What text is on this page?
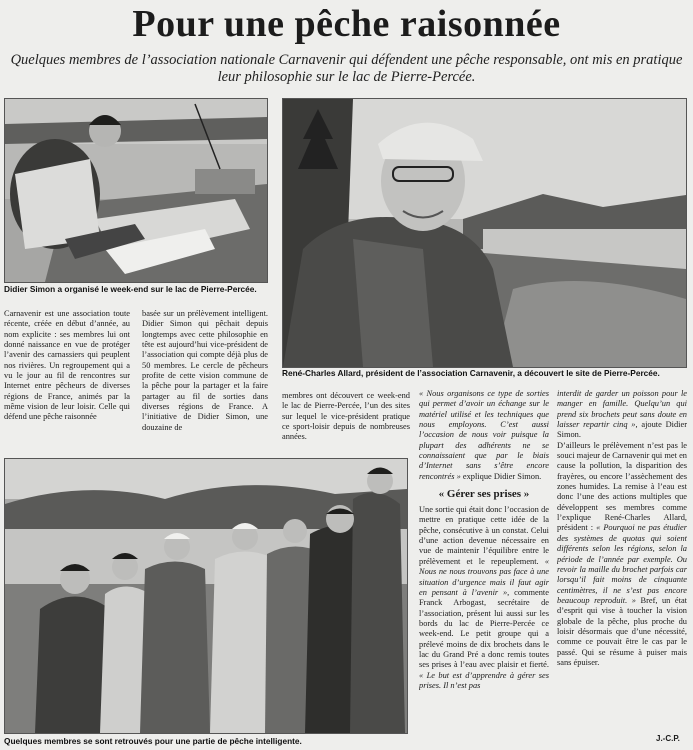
Pour une pêche raisonnée
Quelques membres de l’association nationale Carnavenir qui défendent une pêche responsable, ont mis en pratique leur philosophie sur le lac de Pierre-Percée.
Didier Simon a organisé le week-end sur le lac de Pierre-Percée.
René-Charles Allard, président de l’association Carnavenir, a découvert le site de Pierre-Percée.

Carnavenir est une association toute récente, créée en début d’année, au nom explicite : ses membres lui ont donné naissance en vue de protéger l’avenir des carnassiers qui peuplent nos rivières. Un regroupement qui a vu le jour au fil de rencontres sur Internet entre pêcheurs de diverses régions de France, animés par la même vision de leur loisir. Celle qui défend une pêche raisonnée

basée sur un prélèvement intelligent. Didier Simon qui pêchait depuis longtemps avec cette philosophie en tête est aujourd’hui vice-président de l’association qui compte déjà plus de 50 membres. Le cercle de pêcheurs profite de cette vision commune de la pêche pour la partager et la faire partager au fil de sorties dans diverses régions de France. A l’initiative de Didier Simon, une douzaine de

membres ont découvert ce week-end le lac de Pierre-Percée, l’un des sites sur lequel le vice-président pratique ce sport-loisir depuis de nombreuses années.

« Nous organisons ce type de sorties qui permet d’avoir un échange sur le matériel utilisé et les techniques que nous employons. C’est aussi l’occasion de nous voir puisque la plupart des adhérents ne se connaissaient que par le biais d’Internet sans s’être encore rencontrés » explique Didier Simon.

« Gérer ses prises »

Une sortie qui était donc l’occasion de mettre en pratique cette idée de la pêche, consécutive à un constat. Celui d’une action devenue nécessaire en vue de maintenir l’équilibre entre le prélèvement et le repeuplement. « Nous ne nous trouvons pas face à une situation d’urgence mais il faut agir en pensant à l’avenir », commente Franck Arbogast, secrétaire de l’association, présent lui aussi sur les bords du lac de Pierre-Percée ce week-end. Le petit groupe qui a prélevé moins de dix brochets dans le lac du Grand Pré a donc remis toutes ses prises à l’eau avec plaisir et fierté. « Le but est d’apprendre à gérer ses prises. Il n’est pas

interdit de garder un poisson pour le manger en famille. Quelqu’un qui prend six brochets peut sans doute en laisser repartir cinq », ajoute Didier Simon.

D’ailleurs le prélèvement n’est pas le souci majeur de Carnavenir qui met en cause la pollution, la disparition des frayères, ou encore l’assèchement des zones humides. La remise à l’eau est donc l’une des actions multiples que développent ses membres comme l’explique René-Charles Allard, président : « Pourquoi ne pas étudier des systèmes de quotas qui soient différents selon les régions, selon la période de l’année par exemple. Ou revoir la maille du brochet parfois car lorsqu’il fait moins de cinquante centimètres, il ne s’est pas encore beaucoup reproduit. » Bref, un état d’esprit qui vise à toucher la vision globale de la pêche, plus proche du loisir désormais que d’une nécessité, comme ce pouvait être le cas par le passé. Qui se résume à puiser mais sans épuiser.

J.-C.P.
Quelques membres se sont retrouvés pour une partie de pêche intelligente.
